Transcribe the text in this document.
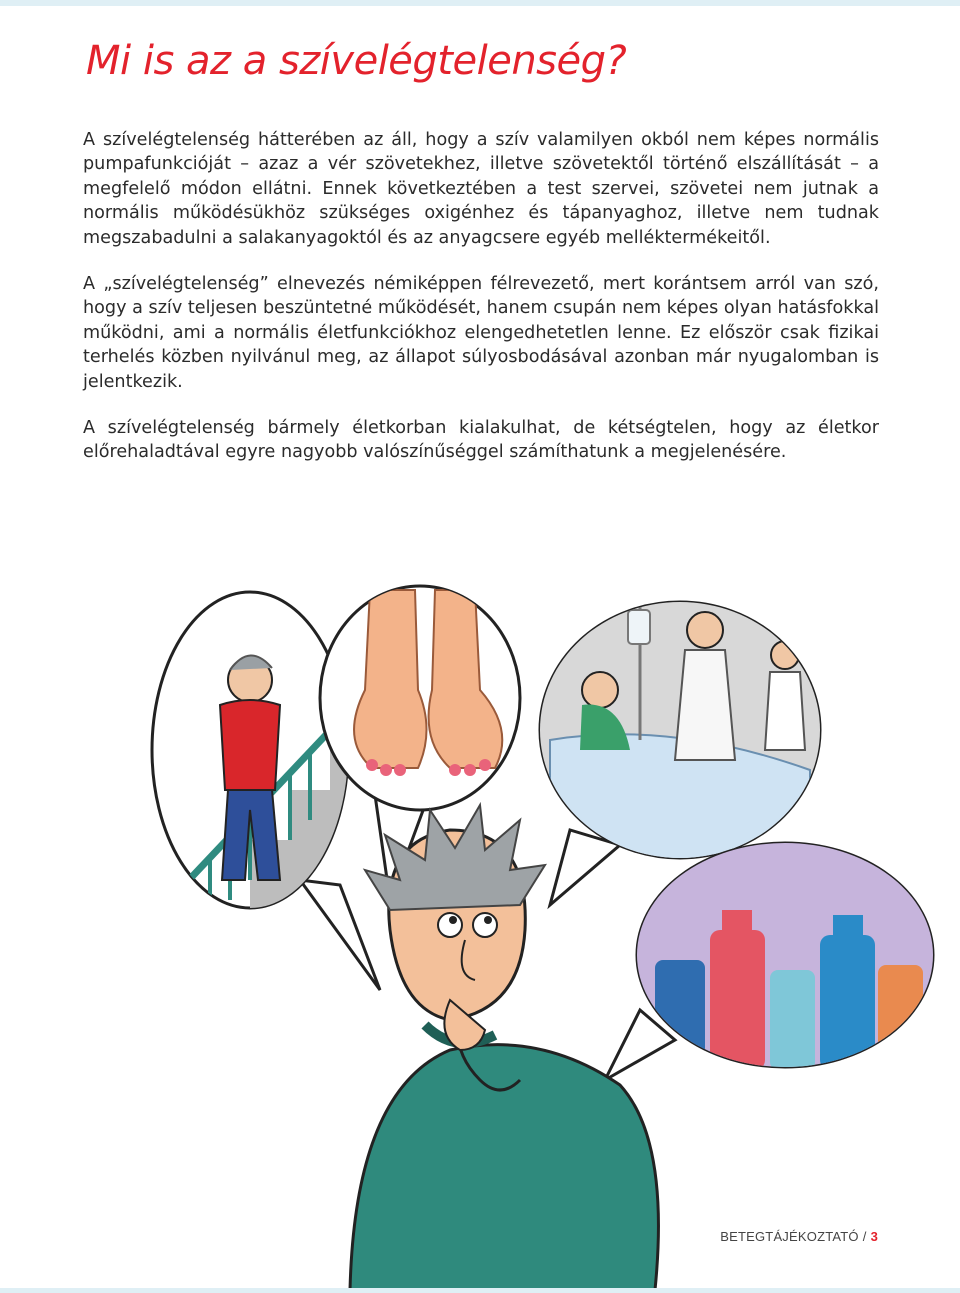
Mi is az a szívelégtelenség?

A szívelégtelenség hátterében az áll, hogy a szív valamilyen okból nem képes normális pumpafunkcióját – azaz a vér szövetekhez, illetve szövetektől történő elszállítását – a megfelelő módon ellátni. Ennek következtében a test szervei, szövetei nem jutnak a normális működésükhöz szükséges oxigénhez és tápanyaghoz, illetve nem tudnak megszabadulni a salakanyagoktól és az anyagcsere egyéb melléktermékeitől.

A „szívelégtelenség” elnevezés némiképpen félrevezető, mert korántsem arról van szó, hogy a szív teljesen beszüntetné működését, hanem csupán nem képes olyan hatásfokkal működni, ami a normális életfunkciókhoz elengedhetetlen lenne. Ez először csak fizikai terhelés közben nyilvánul meg, az állapot súlyosbodásával azonban már nyugalomban is jelentkezik.

A szívelégtelenség bármely életkorban kialakulhat, de kétségtelen, hogy az életkor előrehaladtával egyre nagyobb valószínűséggel számíthatunk a megjelenésére.

BETEGTÁJÉKOZTATÓ / 3
